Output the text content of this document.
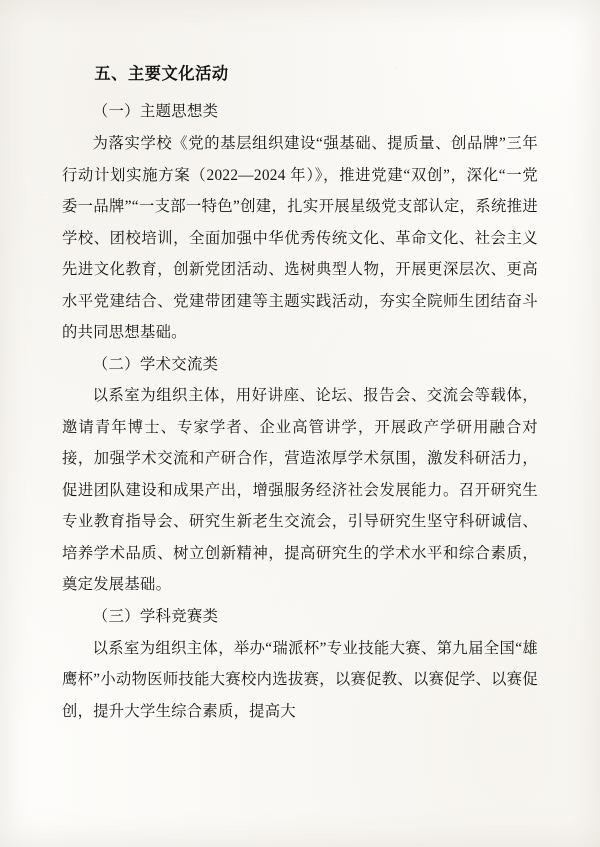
五、主要文化活动

（一）主题思想类

为落实学校《党的基层组织建设“强基础、提质量、创品牌”三年行动计划实施方案（2022—2024 年）》，推进党建“双创”，深化“一党委一品牌”“一支部一特色”创建，扎实开展星级党支部认定，系统推进学校、团校培训，全面加强中华优秀传统文化、革命文化、社会主义先进文化教育，创新党团活动、选树典型人物，开展更深层次、更高水平党建结合、党建带团建等主题实践活动，夯实全院师生团结奋斗的共同思想基础。

（二）学术交流类

以系室为组织主体，用好讲座、论坛、报告会、交流会等载体，邀请青年博士、专家学者、企业高管讲学，开展政产学研用融合对接，加强学术交流和产研合作，营造浓厚学术氛围，激发科研活力，促进团队建设和成果产出，增强服务经济社会发展能力。召开研究生专业教育指导会、研究生新老生交流会，引导研究生坚守科研诚信、培养学术品质、树立创新精神，提高研究生的学术水平和综合素质，奠定发展基础。

（三）学科竞赛类

以系室为组织主体，举办“瑞派杯”专业技能大赛、第九届全国“雄鹰杯”小动物医师技能大赛校内选拔赛，以赛促教、以赛促学、以赛促创，提升大学生综合素质，提高大
